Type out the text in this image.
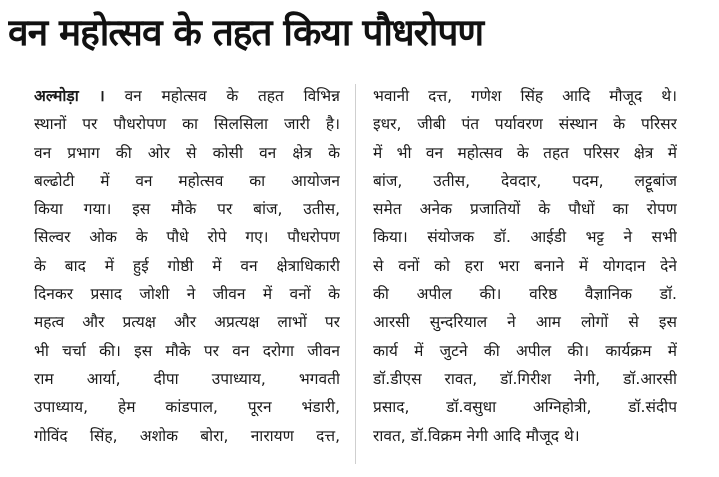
वन महोत्सव के तहत किया पौधरोपण
अल्मोड़ा । वन महोत्सव के तहत विभिन्न
स्थानों पर पौधरोपण का सिलसिला जारी है।
वन प्रभाग की ओर से कोसी वन क्षेत्र के
बल्ढोटी में वन महोत्सव का आयोजन
किया गया। इस मौके पर बांज, उतीस,
सिल्वर ओक के पौधे रोपे गए। पौधरोपण
के बाद में हुई गोष्ठी में वन क्षेत्राधिकारी
दिनकर प्रसाद जोशी ने जीवन में वनों के
महत्व और प्रत्यक्ष और अप्रत्यक्ष लाभों पर
भी चर्चा की। इस मौके पर वन दरोगा जीवन
राम आर्या, दीपा उपाध्याय, भगवती
उपाध्याय, हेम कांडपाल, पूरन भंडारी,
गोविंद सिंह, अशोक बोरा, नारायण दत्त,
भवानी दत्त, गणेश सिंह आदि मौजूद थे।
इधर, जीबी पंत पर्यावरण संस्थान के परिसर
में भी वन महोत्सव के तहत परिसर क्षेत्र में
बांज, उतीस, देवदार, पदम, लट्टूबांज
समेत अनेक प्रजातियों के पौधों का रोपण
किया। संयोजक डॉ. आईडी भट्ट ने सभी
से वनों को हरा भरा बनाने में योगदान देने
की अपील की। वरिष्ठ वैज्ञानिक डॉ.
आरसी सुन्दरियाल ने आम लोगों से इस
कार्य में जुटने की अपील की। कार्यक्रम में
डॉ.डीएस रावत, डॉ.गिरीश नेगी, डॉ.आरसी
प्रसाद, डॉ.वसुधा अग्निहोत्री, डॉ.संदीप
रावत, डॉ.विक्रम नेगी आदि मौजूद थे।
